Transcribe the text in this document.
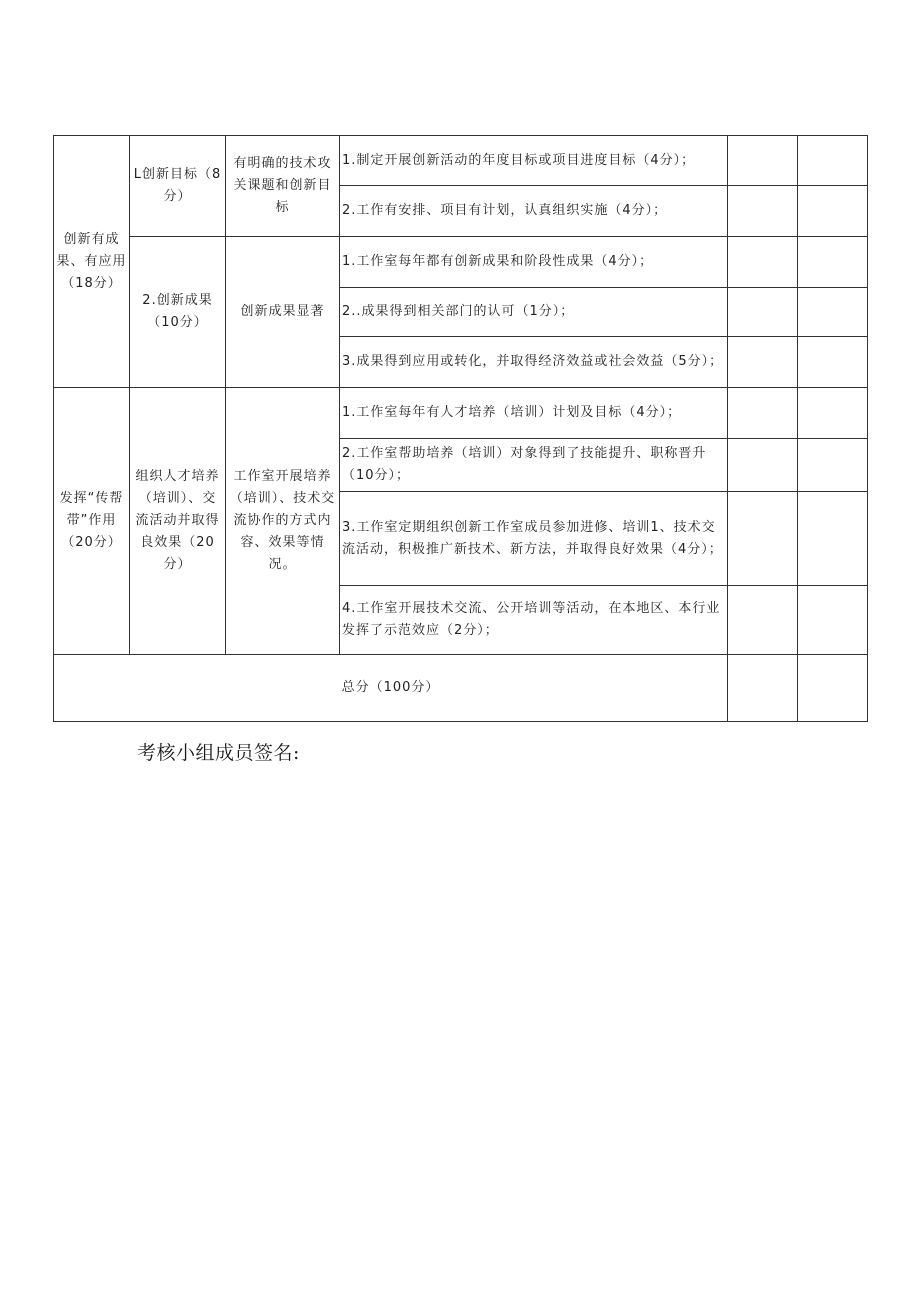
创新有成果、有应用（18分）	L创新目标（8分）	有明确的技术攻关课题和创新目标	1.制定开展创新活动的年度目标或项目进度目标（4分）；		
			2.工作有安排、项目有计划，认真组织实施（4分）；		
	2.创新成果（10分）	创新成果显著	1.工作室每年都有创新成果和阶段性成果（4分）；		
			2..成果得到相关部门的认可（1分）；		
			3.成果得到应用或转化，并取得经济效益或社会效益（5分）；		
发挥“传帮带”作用（20分）	组织人才培养（培训）、交流活动并取得良效果（20分）	工作室开展培养（培训）、技术交流协作的方式内容、效果等情况。	1.工作室每年有人才培养（培训）计划及目标（4分）；		
			2.工作室帮助培养（培训）对象得到了技能提升、职称晋升（10分）；		
			3.工作室定期组织创新工作室成员参加进修、培训1、技术交流活动，积极推广新技术、新方法，并取得良好效果（4分）；		
			4.工作室开展技术交流、公开培训等活动，在本地区、本行业发挥了示范效应（2分）；		
总分（100分）					
考核小组成员签名:
